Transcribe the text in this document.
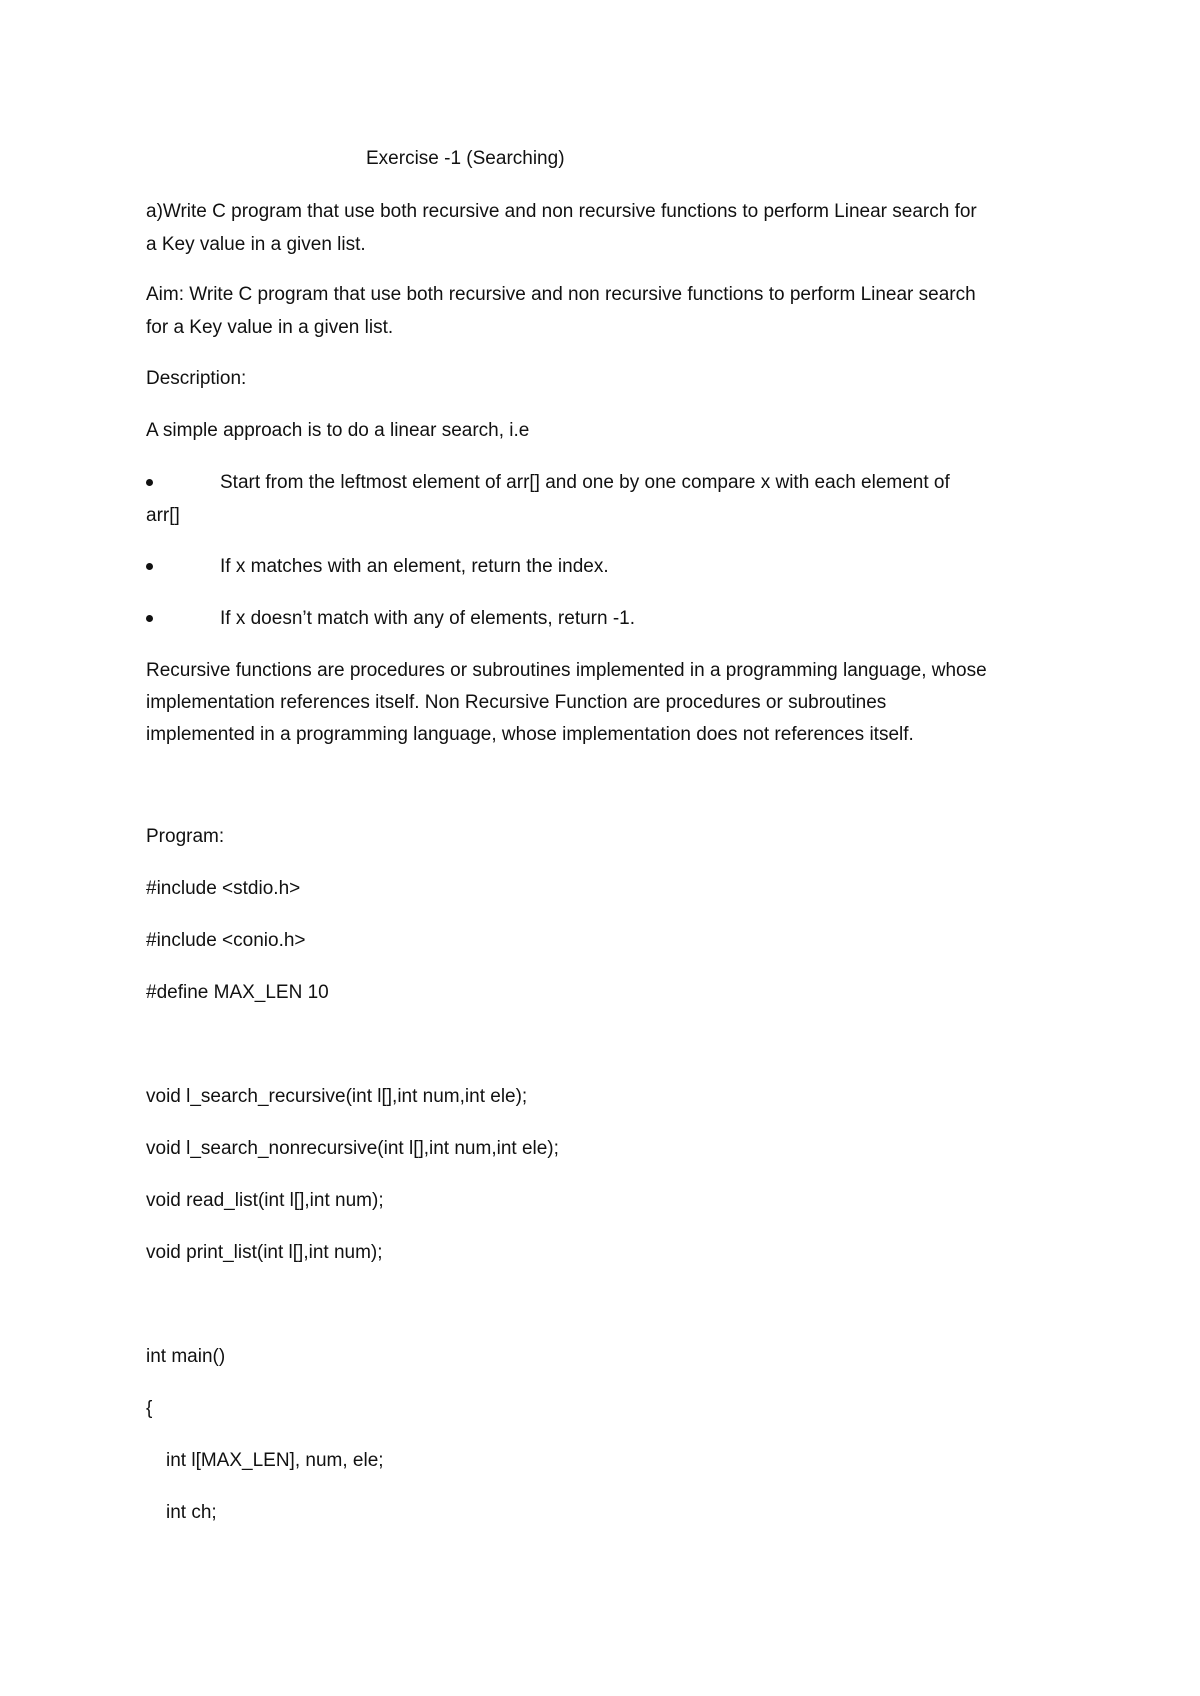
Exercise -1 (Searching)
a)Write C program that use both recursive and non recursive functions to perform Linear search for
a Key value in a given list.
Aim: Write C program that use both recursive and non recursive functions to perform Linear search
for a Key value in a given list.
Description:
A simple approach is to do a linear search, i.e
Start from the leftmost element of arr[] and one by one compare x with each element of
arr[]
If x matches with an element, return the index.
If x doesn’t match with any of elements, return -1.
Recursive functions are procedures or subroutines implemented in a programming language, whose
implementation references itself. Non Recursive Function are procedures or subroutines
implemented in a programming language, whose implementation does not references itself.
Program:
#include <stdio.h>
#include <conio.h>
#define MAX_LEN 10
void l_search_recursive(int l[],int num,int ele);
void l_search_nonrecursive(int l[],int num,int ele);
void read_list(int l[],int num);
void print_list(int l[],int num);
int main()
{
int l[MAX_LEN], num, ele;
int ch;
